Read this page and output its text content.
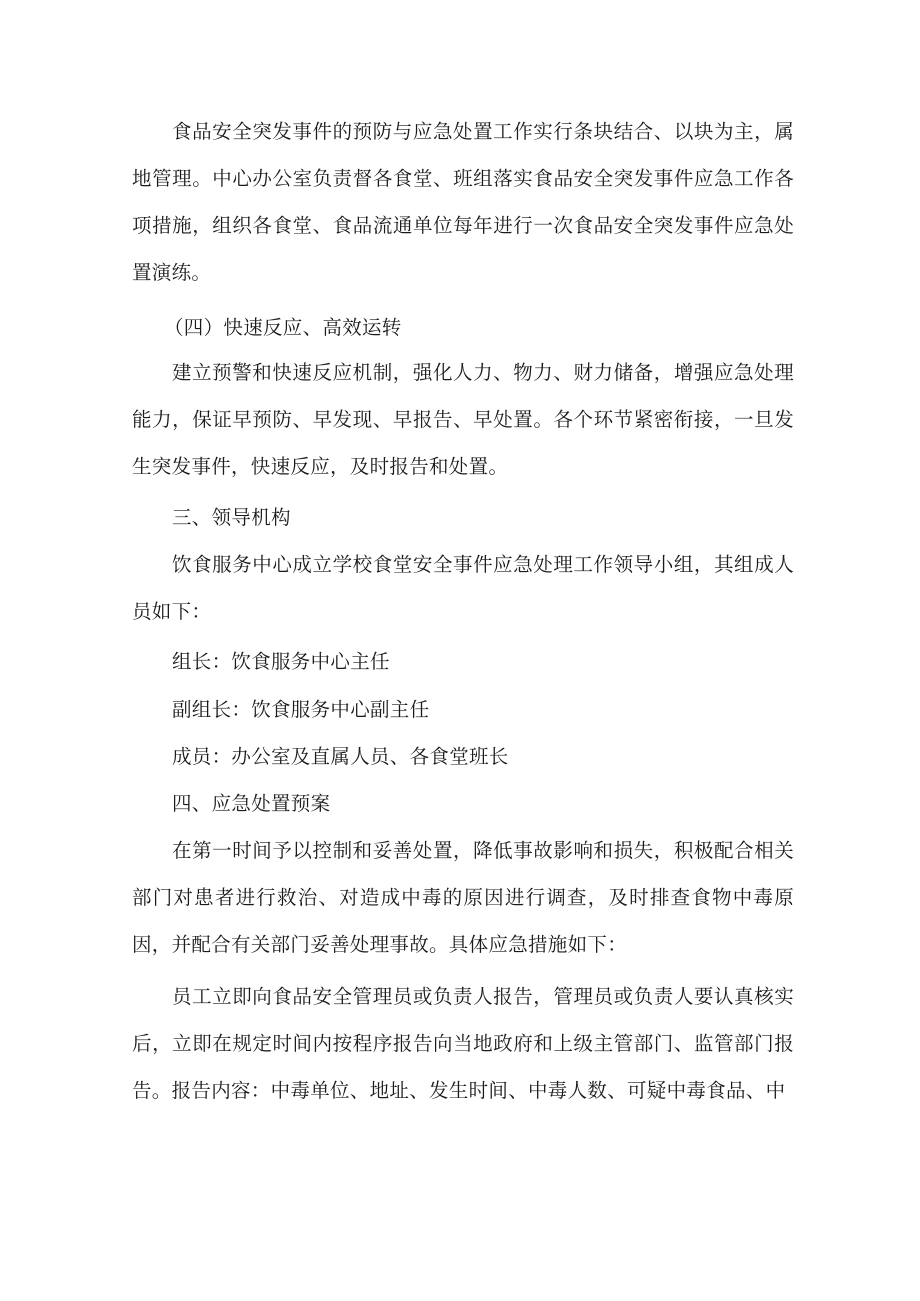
食品安全突发事件的预防与应急处置工作实行条块结合、以块为主，属地管理。中心办公室负责督各食堂、班组落实食品安全突发事件应急工作各项措施，组织各食堂、食品流通单位每年进行一次食品安全突发事件应急处置演练。

（四）快速反应、高效运转

建立预警和快速反应机制，强化人力、物力、财力储备，增强应急处理能力，保证早预防、早发现、早报告、早处置。各个环节紧密衔接，一旦发生突发事件，快速反应，及时报告和处置。

三、领导机构

饮食服务中心成立学校食堂安全事件应急处理工作领导小组，其组成人员如下：

组长：饮食服务中心主任

副组长：饮食服务中心副主任

成员：办公室及直属人员、各食堂班长

四、应急处置预案

在第一时间予以控制和妥善处置，降低事故影响和损失，积极配合相关部门对患者进行救治、对造成中毒的原因进行调查，及时排查食物中毒原因，并配合有关部门妥善处理事故。具体应急措施如下：

员工立即向食品安全管理员或负责人报告，管理员或负责人要认真核实后，立即在规定时间内按程序报告向当地政府和上级主管部门、监管部门报告。报告内容：中毒单位、地址、发生时间、中毒人数、可疑中毒食品、中
